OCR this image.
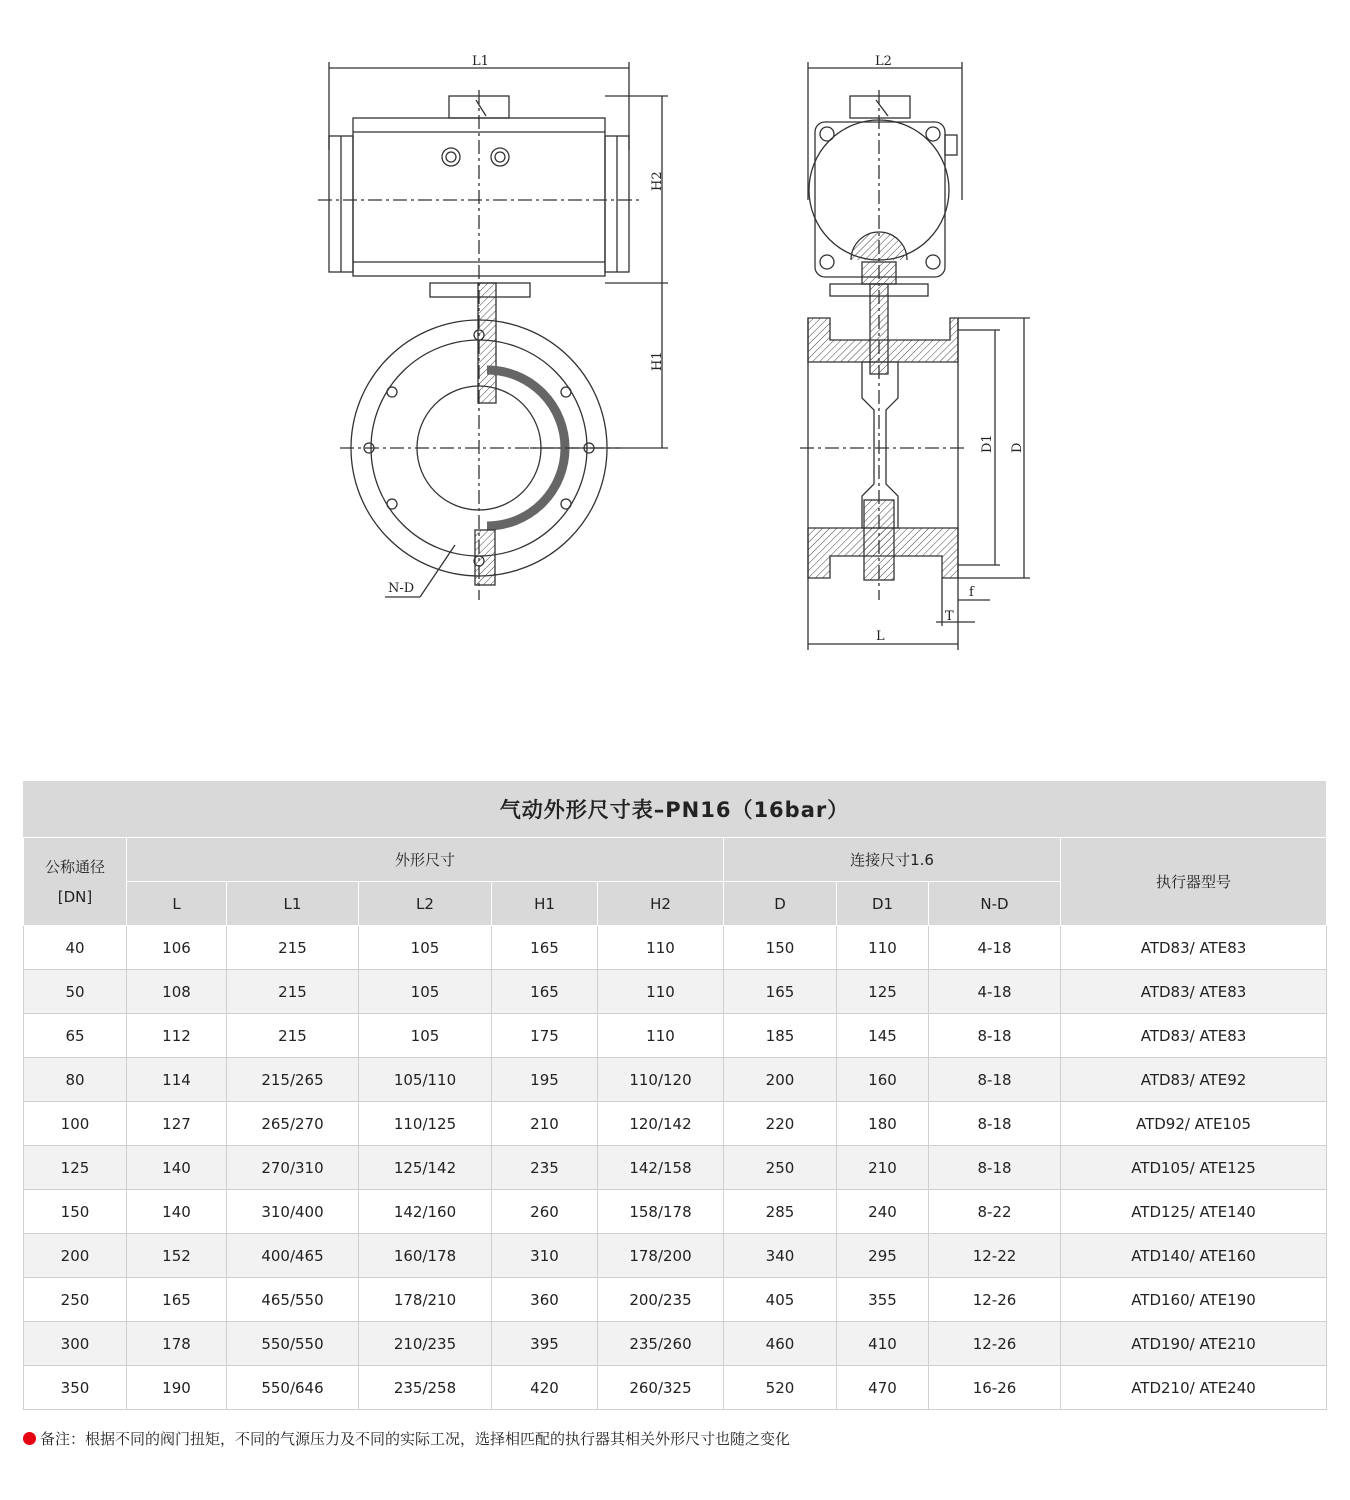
L1
H2
H1
N-D
L2
D1 D
f
T
L
气动外形尺寸表–PN16（16bar）
公称通径
[DN]	外形尺寸					连接尺寸1.6			执行器型号
	L	L1	L2	H1	H2	D	D1	N-D	
40	106	215	105	165	110	150	110	4-18	ATD83/ ATE83
50	108	215	105	165	110	165	125	4-18	ATD83/ ATE83
65	112	215	105	175	110	185	145	8-18	ATD83/ ATE83
80	114	215/265	105/110	195	110/120	200	160	8-18	ATD83/ ATE92
100	127	265/270	110/125	210	120/142	220	180	8-18	ATD92/ ATE105
125	140	270/310	125/142	235	142/158	250	210	8-18	ATD105/ ATE125
150	140	310/400	142/160	260	158/178	285	240	8-22	ATD125/ ATE140
200	152	400/465	160/178	310	178/200	340	295	12-22	ATD140/ ATE160
250	165	465/550	178/210	360	200/235	405	355	12-26	ATD160/ ATE190
300	178	550/550	210/235	395	235/260	460	410	12-26	ATD190/ ATE210
350	190	550/646	235/258	420	260/325	520	470	16-26	ATD210/ ATE240
备注：根据不同的阀门扭矩，不同的气源压力及不同的实际工况，选择相匹配的执行器其相关外形尺寸也随之变化
